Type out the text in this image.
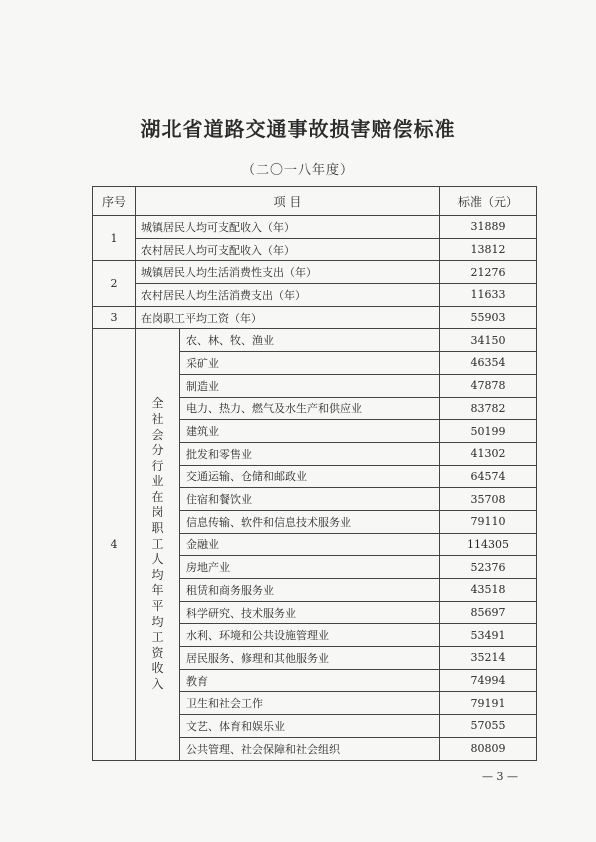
湖北省道路交通事故损害赔偿标准
（二〇一八年度）
序号	项 目		标准（元）
1	城镇居民人均可支配收入（年）		31889
	农村居民人均可支配收入（年）		13812
2	城镇居民人均生活消费性支出（年）		21276
	农村居民人均生活消费支出（年）		11633
3	在岗职工平均工资（年）		55903
4	全社会分行业在岗职工人均年平均工资收入	农、林、牧、渔业	34150
		采矿业	46354
		制造业	47878
		电力、热力、燃气及水生产和供应业	83782
		建筑业	50199
		批发和零售业	41302
		交通运输、仓储和邮政业	64574
		住宿和餐饮业	35708
		信息传输、软件和信息技术服务业	79110
		金融业	114305
		房地产业	52376
		租赁和商务服务业	43518
		科学研究、技术服务业	85697
		水利、环境和公共设施管理业	53491
		居民服务、修理和其他服务业	35214
		教育	74994
		卫生和社会工作	79191
		文艺、体育和娱乐业	57055
		公共管理、社会保障和社会组织	80809
— 3 —
